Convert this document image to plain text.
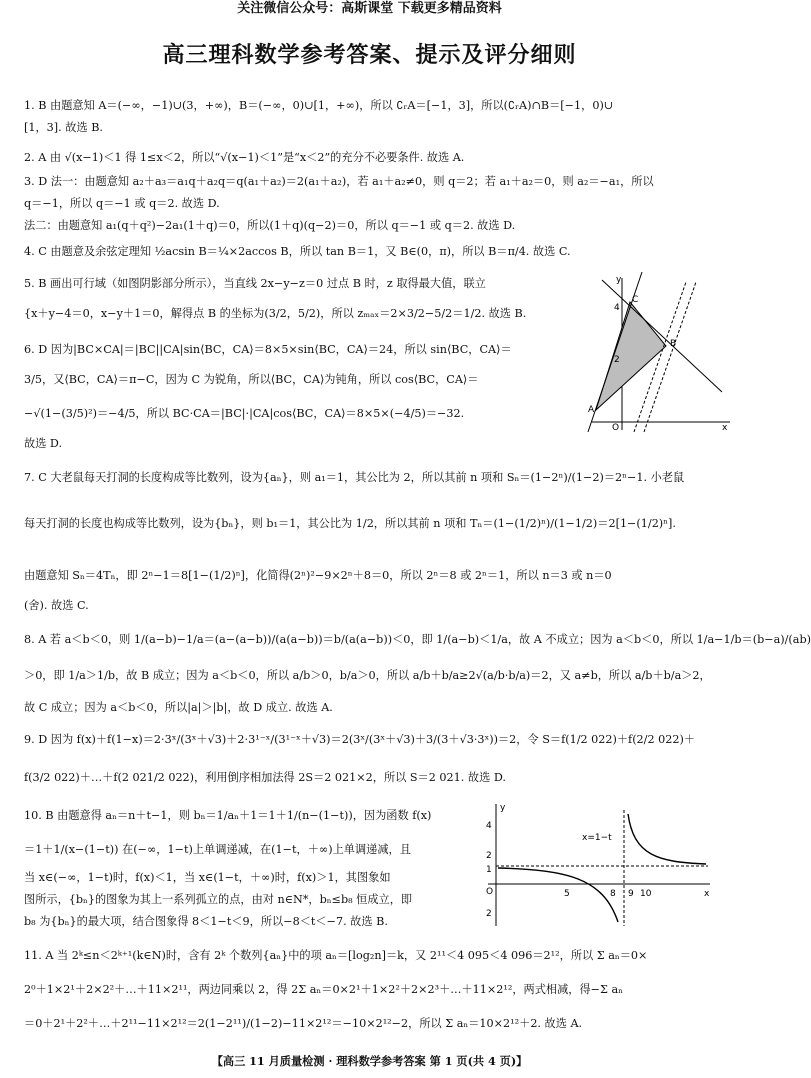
关注微信公众号：高斯课堂 下载更多精品资料
高三理科数学参考答案、提示及评分细则
1. B 由题意知 A＝(−∞，−1)∪(3，+∞)，B＝(−∞，0)∪[1，+∞)，所以 ∁ᵣA＝[−1，3]，所以(∁ᵣA)∩B＝[−1，0)∪
[1，3]. 故选 B.
2. A 由 √(x−1)＜1 得 1≤x＜2，所以“√(x−1)＜1”是“x＜2”的充分不必要条件. 故选 A.
3. D 法一：由题意知 a₂＋a₃＝a₁q＋a₂q＝q(a₁＋a₂)＝2(a₁＋a₂)，若 a₁＋a₂≠0，则 q＝2；若 a₁＋a₂＝0，则 a₂＝−a₁，所以
q＝−1，所以 q＝−1 或 q＝2. 故选 D.
法二：由题意知 a₁(q＋q²)−2a₁(1＋q)＝0，所以(1＋q)(q−2)＝0，所以 q＝−1 或 q＝2. 故选 D.
4. C 由题意及余弦定理知 ½acsin B＝¼×2accos B，所以 tan B＝1，又 B∈(0，π)，所以 B＝π/4. 故选 C.
5. B 画出可行域（如图阴影部分所示），当直线 2x−y−z＝0 过点 B 时，z 取得最大值，联立
{x＋y−4＝0，x−y＋1＝0，解得点 B 的坐标为(3/2，5/2)，所以 zₘₐₓ＝2×3/2−5/2＝1/2. 故选 B.
6. D 因为|BC×CA|＝|BC||CA|sin⟨BC，CA⟩＝8×5×sin⟨BC，CA⟩＝24，所以 sin⟨BC，CA⟩＝
3/5，又⟨BC，CA⟩＝π−C，因为 C 为锐角，所以⟨BC，CA⟩为钝角，所以 cos⟨BC，CA⟩＝
−√(1−(3/5)²)＝−4/5，所以 BC·CA＝|BC|·|CA|cos⟨BC，CA⟩＝8×5×(−4/5)＝−32.
故选 D.
7. C 大老鼠每天打洞的长度构成等比数列，设为{aₙ}，则 a₁＝1，其公比为 2，所以其前 n 项和 Sₙ＝(1−2ⁿ)/(1−2)＝2ⁿ−1. 小老鼠
每天打洞的长度也构成等比数列，设为{bₙ}，则 b₁＝1，其公比为 1/2，所以其前 n 项和 Tₙ＝(1−(1/2)ⁿ)/(1−1/2)＝2[1−(1/2)ⁿ].
由题意知 Sₙ＝4Tₙ，即 2ⁿ−1＝8[1−(1/2)ⁿ]，化简得(2ⁿ)²−9×2ⁿ＋8＝0，所以 2ⁿ＝8 或 2ⁿ＝1，所以 n＝3 或 n＝0
(舍). 故选 C.
8. A 若 a＜b＜0，则 1/(a−b)−1/a＝(a−(a−b))/(a(a−b))＝b/(a(a−b))＜0，即 1/(a−b)＜1/a，故 A 不成立；因为 a＜b＜0，所以 1/a−1/b＝(b−a)/(ab)
＞0，即 1/a＞1/b，故 B 成立；因为 a＜b＜0，所以 a/b＞0，b/a＞0，所以 a/b＋b/a≥2√(a/b·b/a)＝2，又 a≠b，所以 a/b＋b/a＞2，
故 C 成立；因为 a＜b＜0，所以|a|＞|b|，故 D 成立. 故选 A.
9. D 因为 f(x)＋f(1−x)＝2·3ˣ/(3ˣ＋√3)＋2·3¹⁻ˣ/(3¹⁻ˣ＋√3)＝2(3ˣ/(3ˣ＋√3)＋3/(3＋√3·3ˣ))＝2，令 S＝f(1/2 022)＋f(2/2 022)＋
f(3/2 022)＋…＋f(2 021/2 022)，利用倒序相加法得 2S＝2 021×2，所以 S＝2 021. 故选 D.
10. B 由题意得 aₙ＝n＋t−1，则 bₙ＝1/aₙ＋1＝1＋1/(n−(1−t))，因为函数 f(x)
＝1＋1/(x−(1−t)) 在(−∞，1−t)上单调递减，在(1−t，＋∞)上单调递减，且
当 x∈(−∞，1−t)时，f(x)＜1，当 x∈(1−t，＋∞)时，f(x)＞1，其图象如
图所示，{bₙ}的图象为其上一系列孤立的点，由对 n∈N*，bₙ≤b₈ 恒成立，即
b₈ 为{bₙ}的最大项，结合图象得 8＜1−t＜9，所以−8＜t＜−7. 故选 B.
11. A 当 2ᵏ≤n＜2ᵏ⁺¹(k∈N)时，含有 2ᵏ 个数列{aₙ}中的项 aₙ＝[log₂n]＝k，又 2¹¹＜4 095＜4 096＝2¹²，所以 Σ aₙ＝0×
2⁰＋1×2¹＋2×2²＋…＋11×2¹¹，两边同乘以 2，得 2Σ aₙ＝0×2¹＋1×2²＋2×2³＋…＋11×2¹²，两式相减，得−Σ aₙ
＝0＋2¹＋2²＋…＋2¹¹−11×2¹²＝2(1−2¹¹)/(1−2)−11×2¹²＝−10×2¹²−2，所以 Σ aₙ＝10×2¹²＋2. 故选 A.
y
x
O
A
B
C
4
2
y
x
O
x=1−t
4
2
1
2
5	8 9 10
【高三 11 月质量检测 · 理科数学参考答案 第 1 页(共 4 页)】
